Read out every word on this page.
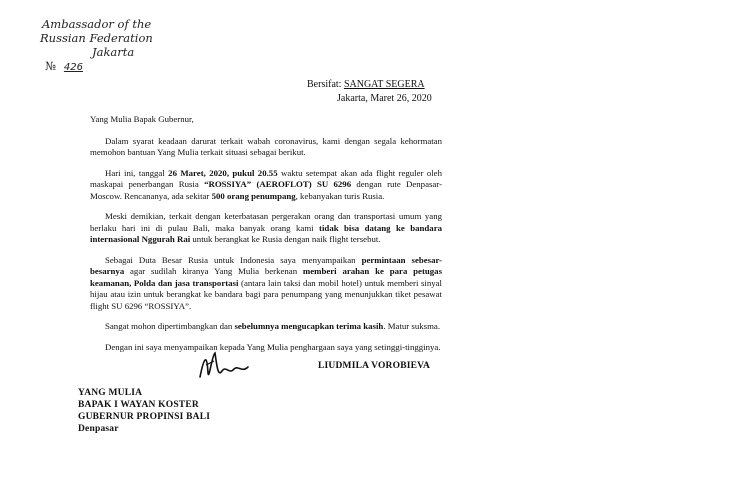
Ambassador of the
Russian Federation
Jakarta
№ 426
Bersifat: SANGAT SEGERA
Jakarta, Maret 26, 2020

Yang Mulia Bapak Gubernur,

Dalam syarat keadaan darurat terkait wabah coronavirus, kami dengan segala kehormatan memohon bantuan Yang Mulia terkait situasi sebagai berikut.

Hari ini, tanggal 26 Maret, 2020, pukul 20.55 waktu setempat akan ada flight reguler oleh maskapai penerbangan Rusia “ROSSIYA” (AEROFLOT) SU 6296 dengan rute Denpasar-Moscow. Rencananya, ada sekitar 500 orang penumpang, kebanyakan turis Rusia.

Meski demikian, terkait dengan keterbatasan pergerakan orang dan transportasi umum yang berlaku hari ini di pulau Bali, maka banyak orang kami tidak bisa datang ke bandara internasional Nggurah Rai untuk berangkat ke Rusia dengan naik flight tersebut.

Sebagai Duta Besar Rusia untuk Indonesia saya menyampaikan permintaan sebesar-besarnya agar sudilah kiranya Yang Mulia berkenan memberi arahan ke para petugas keamanan, Polda dan jasa transportasi (antara lain taksi dan mobil hotel) untuk memberi sinyal hijau atau izin untuk berangkat ke bandara bagi para penumpang yang menunjukkan tiket pesawat flight SU 6296 “ROSSIYA”.

Sangat mohon dipertimbangkan dan sebelumnya mengucapkan terima kasih. Matur suksma.

Dengan ini saya menyampaikan kepada Yang Mulia penghargaan saya yang setinggi-tingginya.

LIUDMILA VOROBIEVA
YANG MULIA
BAPAK I WAYAN KOSTER
GUBERNUR PROPINSI BALI
Denpasar
